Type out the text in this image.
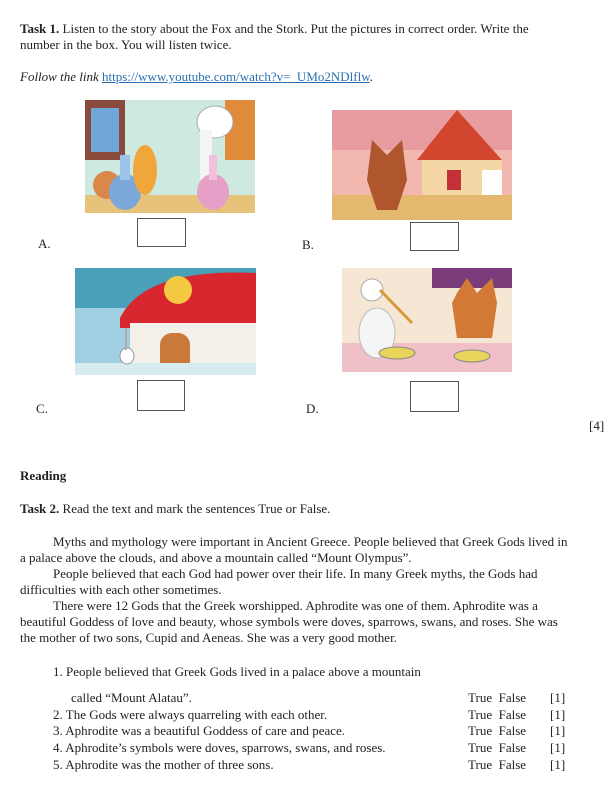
Task 1. Listen to the story about the Fox and the Stork. Put the pictures in correct order. Write the
number in the box. You will listen twice.
Follow the link https://www.youtube.com/watch?v=_UMo2NDlflw.
A.	B.
C.	D.
[4]
Reading
Task 2. Read the text and mark the sentences True or False.
Myths and mythology were important in Ancient Greece. People believed that Greek Gods lived in
a palace above the clouds, and above a mountain called “Mount Olympus”.
People believed that each God had power over their life. In many Greek myths, the Gods had
difficulties with each other sometimes.
There were 12 Gods that the Greek worshipped. Aphrodite was one of them. Aphrodite was a
beautiful Goddess of love and beauty, whose symbols were doves, sparrows, swans, and roses. She was
the mother of two sons, Cupid and Aeneas. She was a very good mother.
1. People believed that Greek Gods lived in a palace above a mountain
called “Mount Alatau”.	True False [1]
2. The Gods were always quarreling with each other.	True False [1]
3. Aphrodite was a beautiful Goddess of care and peace.	True False [1]
4. Aphrodite’s symbols were doves, sparrows, swans, and roses.	True False [1]
5. Aphrodite was the mother of three sons.	True False [1]
